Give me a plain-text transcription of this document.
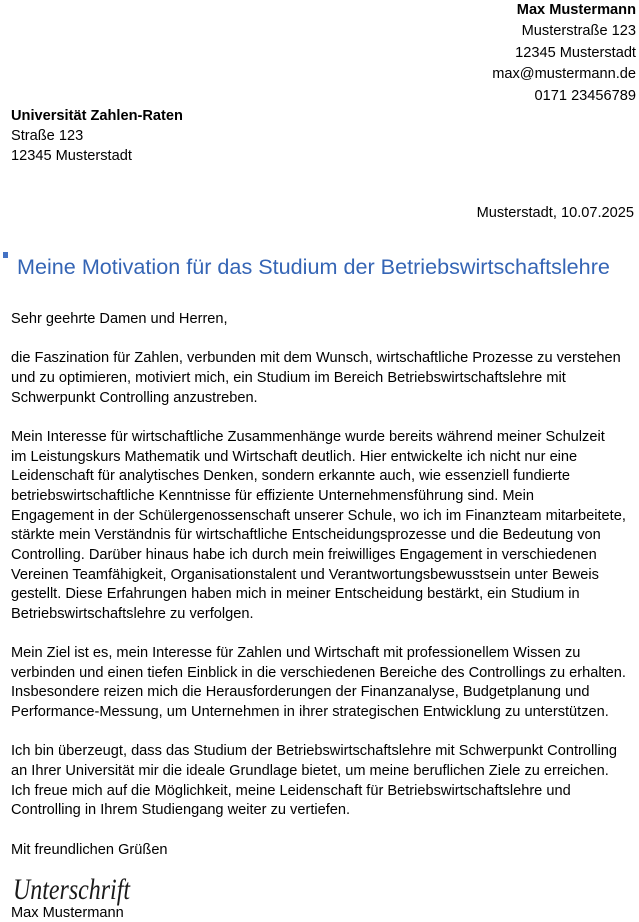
Max Mustermann
Musterstraße 123
12345 Musterstadt
max@mustermann.de
0171 23456789
Universität Zahlen-Raten
Straße 123
12345 Musterstadt
Musterstadt, 10.07.2025
Meine Motivation für das Studium der Betriebswirtschaftslehre

Sehr geehrte Damen und Herren,

die Faszination für Zahlen, verbunden mit dem Wunsch, wirtschaftliche Prozesse zu verstehen
und zu optimieren, motiviert mich, ein Studium im Bereich Betriebswirtschaftslehre mit
Schwerpunkt Controlling anzustreben.

Mein Interesse für wirtschaftliche Zusammenhänge wurde bereits während meiner Schulzeit
im Leistungskurs Mathematik und Wirtschaft deutlich. Hier entwickelte ich nicht nur eine
Leidenschaft für analytisches Denken, sondern erkannte auch, wie essenziell fundierte
betriebswirtschaftliche Kenntnisse für effiziente Unternehmensführung sind. Mein
Engagement in der Schülergenossenschaft unserer Schule, wo ich im Finanzteam mitarbeitete,
stärkte mein Verständnis für wirtschaftliche Entscheidungsprozesse und die Bedeutung von
Controlling. Darüber hinaus habe ich durch mein freiwilliges Engagement in verschiedenen
Vereinen Teamfähigkeit, Organisationstalent und Verantwortungsbewusstsein unter Beweis
gestellt. Diese Erfahrungen haben mich in meiner Entscheidung bestärkt, ein Studium in
Betriebswirtschaftslehre zu verfolgen.

Mein Ziel ist es, mein Interesse für Zahlen und Wirtschaft mit professionellem Wissen zu
verbinden und einen tiefen Einblick in die verschiedenen Bereiche des Controllings zu erhalten.
Insbesondere reizen mich die Herausforderungen der Finanzanalyse, Budgetplanung und
Performance-Messung, um Unternehmen in ihrer strategischen Entwicklung zu unterstützen.

Ich bin überzeugt, dass das Studium der Betriebswirtschaftslehre mit Schwerpunkt Controlling
an Ihrer Universität mir die ideale Grundlage bietet, um meine beruflichen Ziele zu erreichen.
Ich freue mich auf die Möglichkeit, meine Leidenschaft für Betriebswirtschaftslehre und
Controlling in Ihrem Studiengang weiter zu vertiefen.

Mit freundlichen Grüßen

Unterschrift
Max Mustermann
